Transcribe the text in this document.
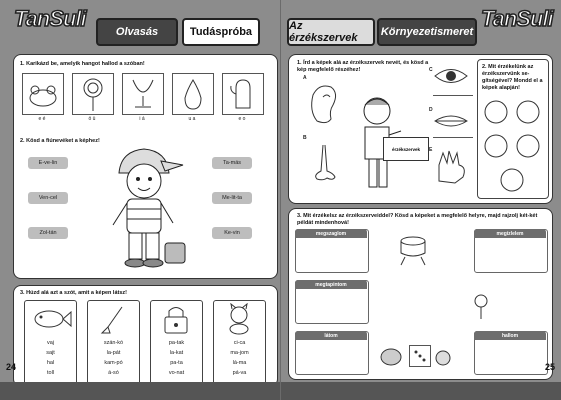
TanSuli
Olvasás	Tudáspróba
1. Karikázd be, amelyik hangot hallod a szóban!
e é	ö ü	i á	u a	e o
2. Kösd a fiúnevéket a képhez!
E-ve-lin
Ven-cel
Zol-tán
Ta-más
Me-lit-ta
Ke-vin
3. Húzd alá azt a szót, amit a képen látsz!
vaj
sajt
hal
toll
szán-kó
la-pát
kam-pó
á-só
pa-tak
la-kat
pa-ta
vo-nat
ci-ca
ma-jom
lá-ma
pá-va
24
Az érzékszervek	Környezetismeret
TanSuli
1. Írd a képek alá az érzékszervek nevét, és kösd a kép megfelelő részéhez!
A
B
érzékszervek
C
D
E
2. Mit érzékelünk az érzékszervünk se-gítségével? Mondd el a képek alapján!
3. Mit érzékelsz az érzékszerveiddel? Kösd a képeket a megfelelő helyre, majd rajzolj két-két példát mindenhová!
megszaglom
megtapintom
látom
megízlelem
hallom
25
